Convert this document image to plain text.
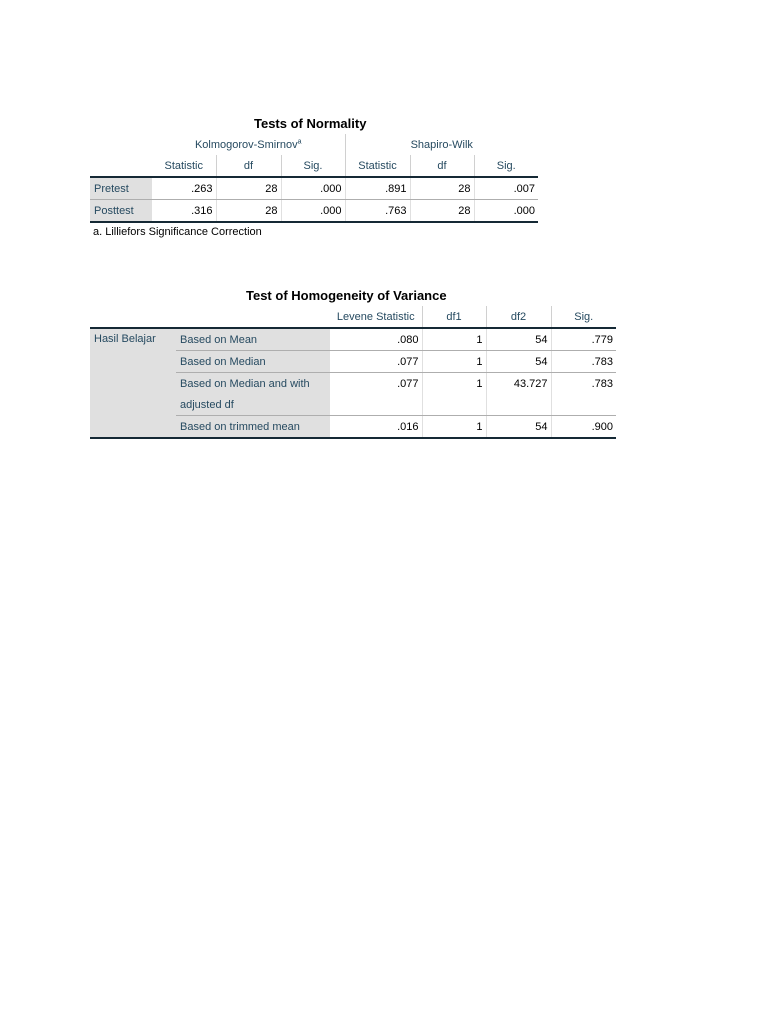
Tests of Normality
	Kolmogorov-Smirnov$^a$			Shapiro-Wilk		
	Statistic	df	Sig.	Statistic	df	Sig.
Pretest	.263	28	.000	.891	28	.007
Posttest	.316	28	.000	.763	28	.000
a. Lilliefors Significance Correction
Test of Homogeneity of Variance
		Levene Statistic	df1	df2	Sig.
Hasil Belajar	Based on Mean	.080	1	54	.779
	Based on Median	.077	1	54	.783
	Based on Median and with	.077	1	43.727	.783
	adjusted df				
	Based on trimmed mean	.016	1	54	.900
